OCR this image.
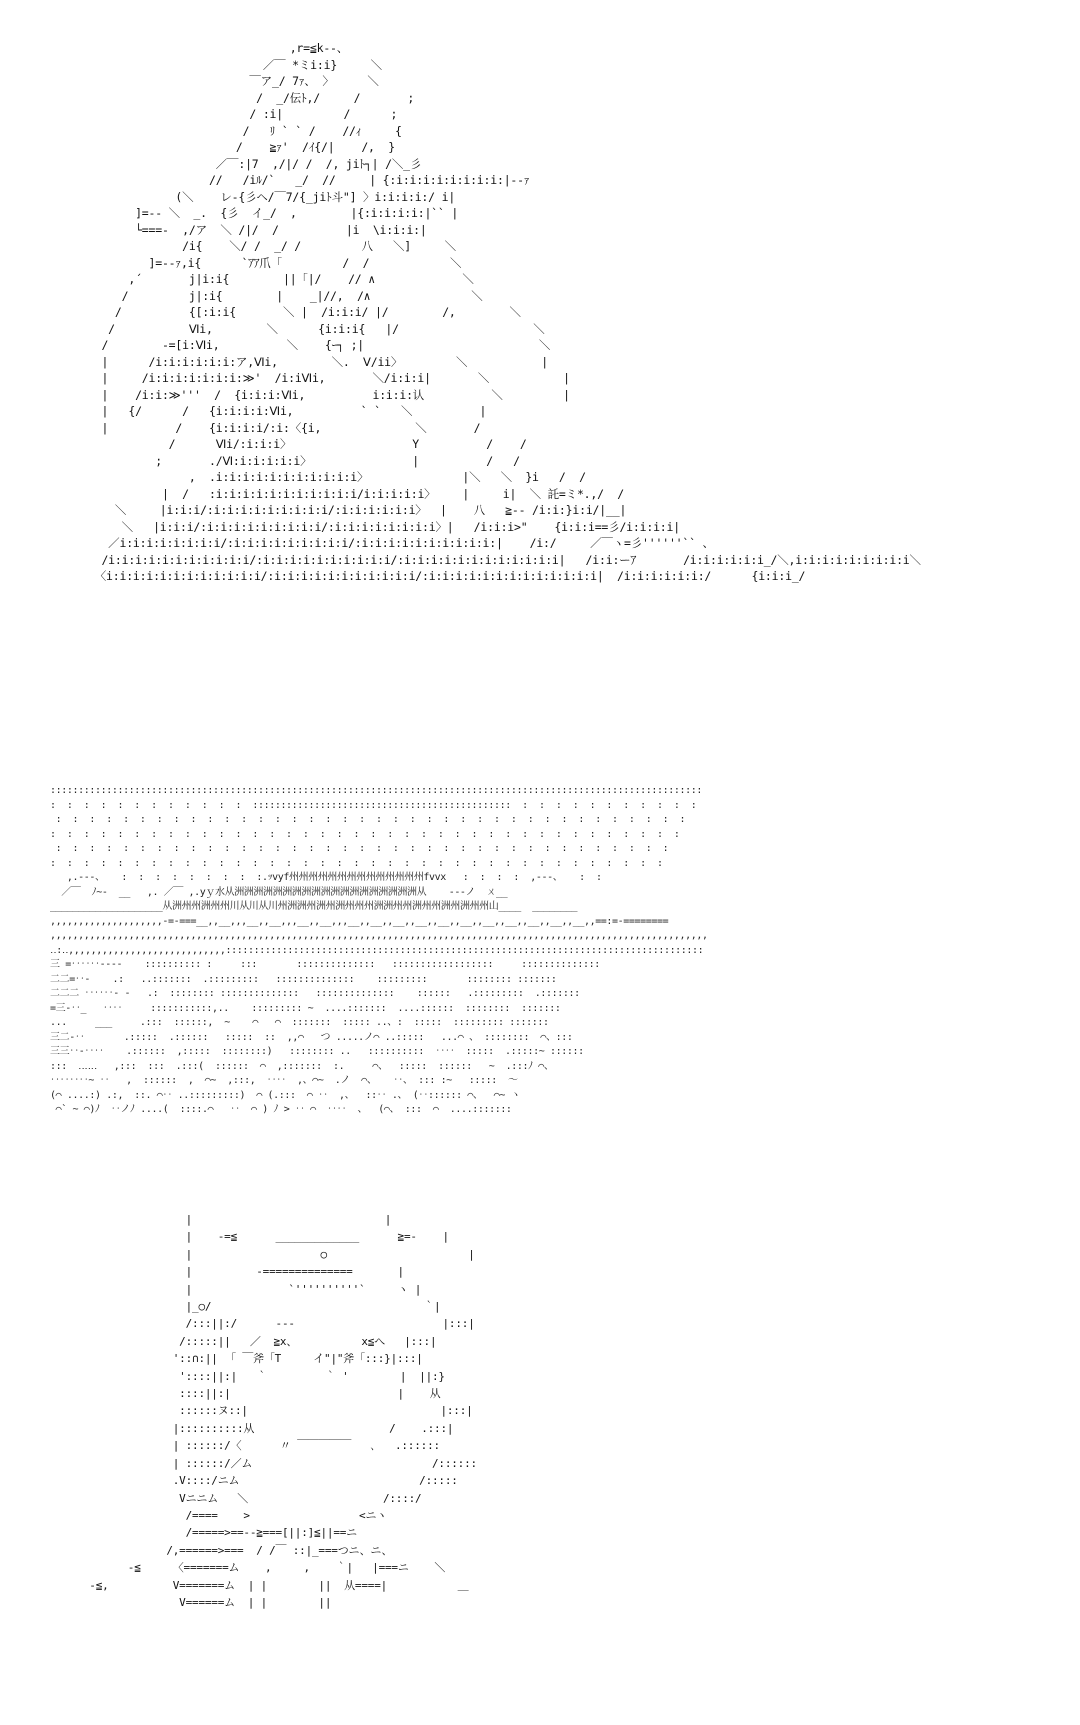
,r=≦k--、
／￣ *ミi:i}     ＼
￣ア_/ 7ｧ、 〉     ＼
/  _/伝ﾄ,/     /       ;
/ :i|         /      ;
/   ﾘ ` ` /    //ｨ     {
/    ≧ｧ'  /ｲ{/|    /,  }
／￣:|7  ,/|/ /  /, jiﾄ┐| /＼_彡
//   /iﾙ/`   _/  //     | {:i:i:i:i:i:i:i:i:|--ｧ
(＼    レ-{彡ヘ/￣7/{_jiﾄ斗"] 〉i:i:i:i:/ i|
]=-- ＼  _.  {彡  イ_/  ,        |{:i:i:i:i:|`` |
└===-  ,/ア  ＼ /|/  /          |i  \i:i:i:|
/i{    ＼/ /  _/ /         八   ＼]     ＼
]=--ｧ,i{      `ｱｱ爪「         /  /            ＼
,´       j|i:i{        ||「|/    // ∧             ＼
/         j|:i{        |    _|//,  /∧               ＼
/          {[:i:i{       ＼ |  /i:i:i/ |/        /,        ＼
/           Ⅵi,        ＼      {i:i:i{   |/                    ＼
/        -=[i:Ⅵi,          ＼    {ｰ┐ ;|                          ＼
|      /i:i:i:i:i:i:ア,Ⅵi,        ＼.  Ⅴ/ii〉        ＼           |
|     /i:i:i:i:i:i:i:≫'  /i:iⅥi,       ＼/i:i:i|       ＼           |
|    /i:i:≫'''  /  {i:i:i:Ⅵi,          i:i:i:认          ＼         |
|   {/      /   {i:i:i:i:Ⅵi,          ` `   ＼          |
|          /    {i:i:i:i/:i:〈{i,              ＼       /
/      Ⅵi/:i:i:i〉                  Y          /    /
;       ./Ⅵ:i:i:i:i:i〉               |          /   /
,  .i:i:i:i:i:i:i:i:i:i:i〉              |＼   ＼  }i   /  /
|  /   :i:i:i:i:i:i:i:i:i:i:i/i:i:i:i:i〉    |     i|  ＼ 託=ミ*.,/  /
＼     |i:i:i/:i:i:i:i:i:i:i:i:i/:i:i:i:i:i:i〉  |    八   ≧-- /i:i:}i:i/|__|
＼   |i:i:i/:i:i:i:i:i:i:i:i:i/:i:i:i:i:i:i:i:i〉|   /i:i:i>"    {i:i:i==彡/i:i:i:i|
／i:i:i:i:i:i:i:i/:i:i:i:i:i:i:i:i:i/:i:i:i:i:i:i:i:i:i:i:|    /i:/     ／￣ヽ=彡''''''`` 、
/i:i:i:i:i:i:i:i:i:i:i/:i:i:i:i:i:i:i:i:i:i/:i:i:i:i:i:i:i:i:i:i:i:i|   /i:i:ーｱ       /i:i:i:i:i:i_/＼,i:i:i:i:i:i:i:i:i＼
〈i:i:i:i:i:i:i:i:i:i:i:i/:i:i:i:i:i:i:i:i:i:i:i/:i:i:i:i:i:i:i:i:i:i:i:i:i|  /i:i:i:i:i:i:/      {i:i:i_/
::::::::::::::::::::::::::::::::::::::::::::::::::::::::::::::::::::::::::::::::::::::::::::::::::::::::::::::::::::
:  :  :  :  :  :  :  :  :  :  :  :  ::::::::::::::::::::::::::::::::::::::::::::::  :  :  :  :  :  :  :  :  :  :  :
:  :  :  :  :  :  :  :  :  :  :  :  :  :  :  :  :  :  :  :  :  :  :  :  :  :  :  :  :  :  :  :  :  :  :  :  :  :
:  :  :  :  :  :  :  :  :  :  :  :  :  :  :  :  :  :  :  :  :  :  :  :  :  :  :  :  :  :  :  :  :  :  :  :  :  :
:  :  :  :  :  :  :  :  :  :  :  :  :  :  :  :  :  :  :  :  :  :  :  :  :  :  :  :  :  :  :  :  :  :  :  :  :
:  :  :  :  :  :  :  :  :  :  :  :  :  :  :  :  :  :  :  :  :  :  :  :  :  :  :  :  :  :  :  :  :  :  :  :  :
,.-‐-、   :  :  :  :  :  :  :  :  :.ｯvyf州州州州州州州州州州州州州州fvvx   :  :  :  :  ,-‐-、   :  :
／￣  ﾉ~-  __   ,. ／￣ ,.yｙ水从洲洲洲洲洲洲洲洲洲洲洲洲洲洲洲洲洲洲洲从    ‐-‐ノ  ㄨ__
____________________从洲州州洲州州川从川从川州洲洲州洲州洲州州州洲洲州州洲州州洲州洲州州山____  ________
,,,,,,,,,,,,,,,,,,,,-=‐===__,,__,,,__,,__,,,__,,__,,,__,,__,,__,,__,,__,,__,,__,,__,,__,,__,,__,,==:=-========
,,,,,,,,,,,,,,,,,,,,,,,,,,,,,,,,,,,,,,,,,,,,,,,,,,,,,,,,,,,,,,,,,,,,,,,,,,,,,,,,,,,,,,,,,,,,,,,,,,,,,,,,,,,,,,,,,,,,,
‥:‥,,,,,,,,,,,,,,,,,,,,,,,,,,,,:::::::::::::::::::::::::::::::::::::::::::::::::::::::::::::::::::::::::::::::::::::
三 =‥‥‥----    :::::::::: :     :::       ::::::::::::::   ::::::::::::::::::     ::::::::::::::
二二=‥-    .:   ..:::::::  .:::::::::   ::::::::::::::    :::::::::       :::::::: :::::::
二二二 ‥‥‥- -   .:  :::::::: ::::::::::::::   ::::::::::::::    ::::::   .:::::::::  .:::::::
=三-‥_   ‥‥     :::::::::::,..    ::::::::: ~  ....:::::::  ....::::::  ::::::::  :::::::
...     ___     .:::  ::::::,  ~    ⌒   ⌒  :::::::  ::::: ..、:  :::::  ::::::::: :::::::
三二-‥       .:::::  .::::::   :::::  ::  ,,⌒   つ .....ノ⌒ ..:::::   ...⌒ 、 ::::::::  ⌒、:::
三三‥-‥‥    .::::::  ,:::::  ::::::::)   :::::::: ..   ::::::::::  ‥‥  :::::  .:::::~ ::::::
:::  ‥‥‥   ,:::  :::  .:::(  ::::::  ⌒  ,:::::::  :.     ⌒、  :::::  ::::::   ~  .:::ﾉ ⌒、
‥‥‥‥~ ‥   ,  ::::::  ,  ⌒~  ,:::,  ‥‥  ,、⌒~  .ノ  ⌒、   ‥、 ::: :~   :::::  ～
(⌒ ....:) .:,  ::. ⌒‥ ..:::::::::)  ⌒ (.:::  ⌒ ‥  ,、  ::‥ .、 (‥:::::: ⌒、  ⌒~ ヽ
⌒` ~ ⌒)ﾉ  ‥ノﾉ ....(  ::::.⌒   ‥  ⌒ ) ﾉ > ‥ ⌒  ‥‥  、  (⌒、 :::  ⌒  ....:::::::
|                              |
|    -=≦      _____________      ≧=-    |
|                    ○                      |
|          -==============       |
|               `''''''''''`     ヽ |
|_○/                                 ｀|
/:::||:/      ---                       |:::|
/:::::||   ／  ≧x、          x≦へ   |:::|
'::∩:||  ｢ ￣斧「T     イ"|"斧「:::}|:::|
'::::||:|   ｀         ｀ '        |  ||:}
::::||:|                          |    从
::::::ヌ::|                              |:::|
|::::::::::从                     /    .:::|
| ::::::/〈      〃 ￣￣￣￣￣   ､   .::::::
| ::::::/／ム                            /::::::
.V::::/ニム                            /:::::
Vニニム   ＼                     /::::/
/====    >                 <ニヽ
/=====>==--≧===[||:]≦||==ニ
/,======>===  / /￣ ::|_===つニ、ニ、
-≦     〈=======ム    ,     ,    ｀|   |===ニ    ＼
-≦,          V=======ム  | |        ||  从====|           ＿
V======ム  | |        ||
